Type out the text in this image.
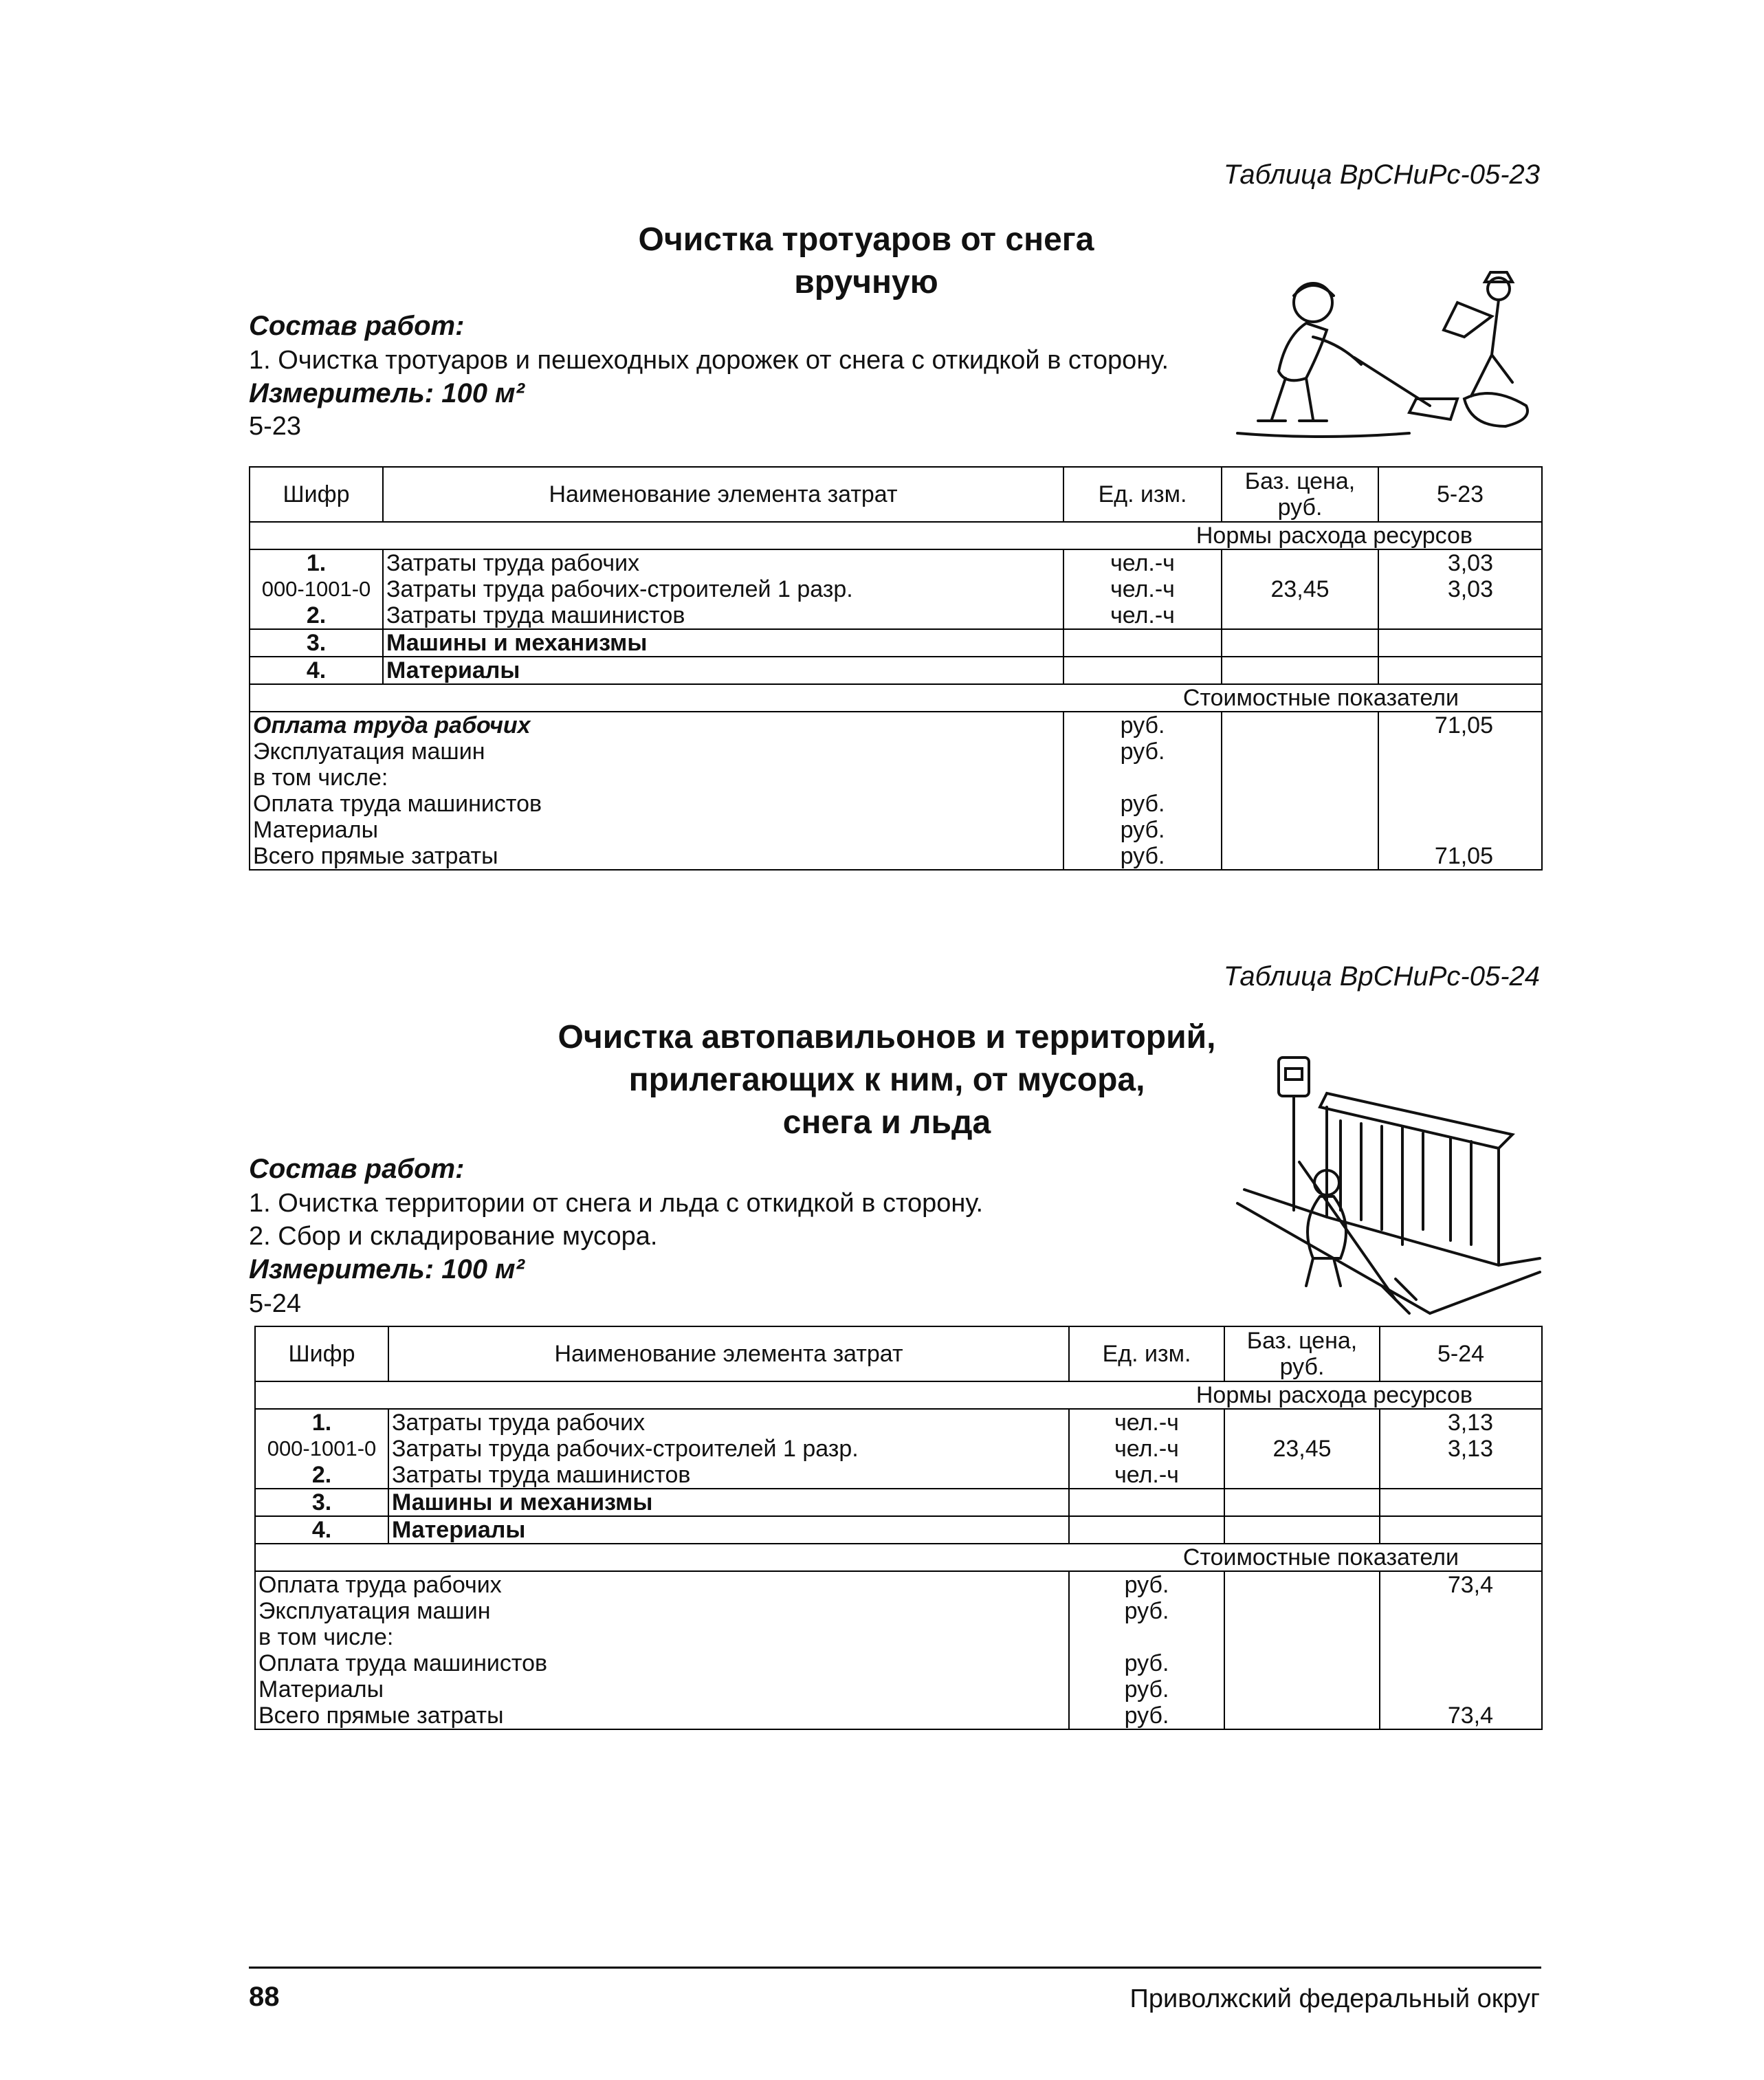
Таблица ВрСНиРс-05-23
Очистка тротуаров от снега
вручную
Состав работ:
1. Очистка тротуаров и пешеходных дорожек от снега с откидкой в сторону.
Измеритель: 100 м²
5-23
Шифр	Наименование элемента затрат	Ед. изм.	Баз. цена, руб.	5-23
Нормы расхода ресурсов				
1.	Затраты труда рабочих	чел.-ч		3,03
000-1001-0	Затраты труда рабочих-строителей 1 разр.	чел.-ч	23,45	3,03
2.	Затраты труда машинистов	чел.-ч		
3.	Машины и механизмы			
4.	Материалы			
Стоимостные показатели				
Оплата труда рабочих		руб.		71,05
Эксплуатация машин		руб.		
в том числе:				
Оплата труда машинистов		руб.		
Материалы		руб.		
Всего прямые затраты		руб.		71,05
Таблица ВрСНиРс-05-24
Очистка автопавильонов и территорий,
прилегающих к ним, от мусора,
снега и льда
Состав работ:
1. Очистка территории от снега и льда с откидкой в сторону.
2. Сбор и складирование мусора.
Измеритель: 100 м²
5-24
Шифр	Наименование элемента затрат	Ед. изм.	Баз. цена, руб.	5-24
Нормы расхода ресурсов				
1.	Затраты труда рабочих	чел.-ч		3,13
000-1001-0	Затраты труда рабочих-строителей 1 разр.	чел.-ч	23,45	3,13
2.	Затраты труда машинистов	чел.-ч		
3.	Машины и механизмы			
4.	Материалы			
Стоимостные показатели				
Оплата труда рабочих		руб.		73,4
Эксплуатация машин		руб.		
в том числе:				
Оплата труда машинистов		руб.		
Материалы		руб.		
Всего прямые затраты		руб.		73,4
88	Приволжский федеральный округ
